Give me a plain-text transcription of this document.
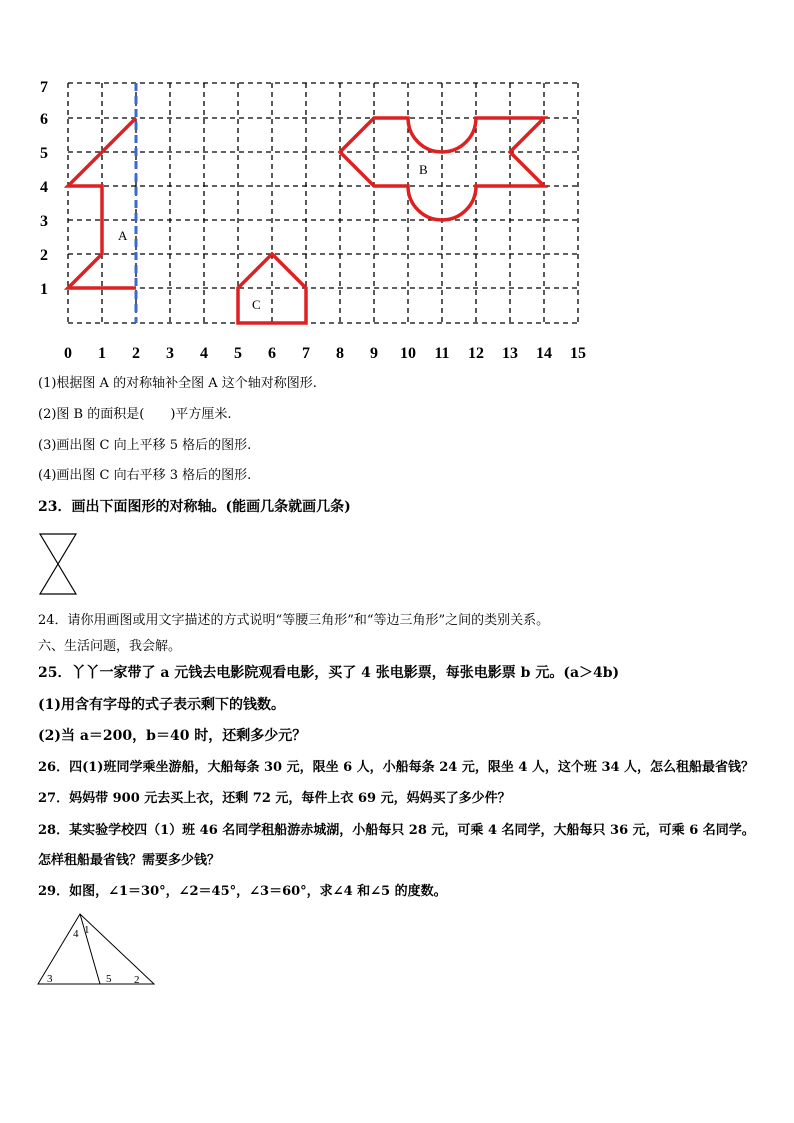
1
2
3
4
5
6
7
0 1 2 3 4 5 6 7 8 9 10 11 12 13 14 15
A
B
C
(1)根据图 A 的对称轴补全图 A 这个轴对称图形.
(2)图 B 的面积是( )平方厘米.
(3)画出图 C 向上平移 5 格后的图形.
(4)画出图 C 向右平移 3 格后的图形.
23．画出下面图形的对称轴。(能画几条就画几条)
24．请你用画图或用文字描述的方式说明“等腰三角形”和“等边三角形”之间的类别关系。
六、生活问题，我会解。
25．丫丫一家带了 a 元钱去电影院观看电影，买了 4 张电影票，每张电影票 b 元。(a＞4b)
(1)用含有字母的式子表示剩下的钱数。
(2)当 a＝200，b＝40 时，还剩多少元？
26．四(1)班同学乘坐游船，大船每条 30 元，限坐 6 人，小船每条 24 元，限坐 4 人，这个班 34 人，怎么租船最省钱？
27．妈妈带 900 元去买上衣，还剩 72 元，每件上衣 69 元，妈妈买了多少件？
28．某实验学校四（1）班 46 名同学租船游赤城湖，小船每只 28 元，可乘 4 名同学，大船每只 36 元，可乘 6 名同学。
怎样租船最省钱？需要多少钱？
29．如图，∠1＝30°，∠2＝45°，∠3＝60°，求∠4 和∠5 的度数。
4 1
3	5 2
